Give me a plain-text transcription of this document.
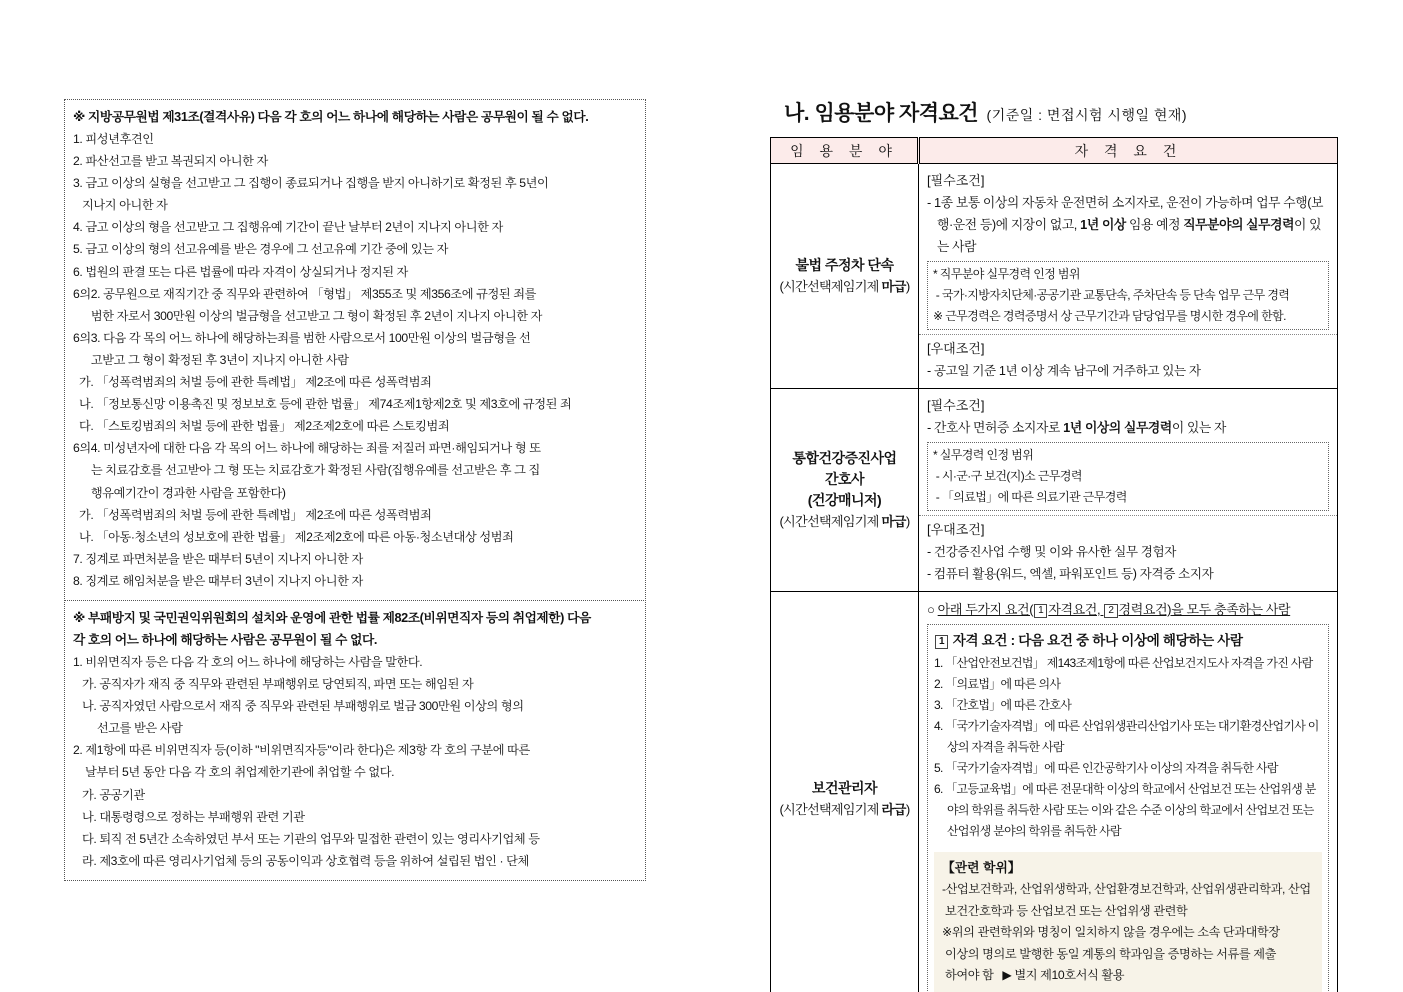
※ 지방공무원법 제31조(결격사유) 다음 각 호의 어느 하나에 해당하는 사람은 공무원이 될 수 없다.
1. 피성년후견인
2. 파산선고를 받고 복권되지 아니한 자
3. 금고 이상의 실형을 선고받고 그 집행이 종료되거나 집행을 받지 아니하기로 확정된 후 5년이
지나지 아니한 자
4. 금고 이상의 형을 선고받고 그 집행유예 기간이 끝난 날부터 2년이 지나지 아니한 자
5. 금고 이상의 형의 선고유예를 받은 경우에 그 선고유예 기간 중에 있는 자
6. 법원의 판결 또는 다른 법률에 따라 자격이 상실되거나 정지된 자
6의2. 공무원으로 재직기간 중 직무와 관련하여 「형법」 제355조 및 제356조에 규정된 죄를
범한 자로서 300만원 이상의 벌금형을 선고받고 그 형이 확정된 후 2년이 지나지 아니한 자
6의3. 다음 각 목의 어느 하나에 해당하는죄를 범한 사람으로서 100만원 이상의 벌금형을 선
고받고 그 형이 확정된 후 3년이 지나지 아니한 사람
가. 「성폭력범죄의 처벌 등에 관한 특례법」 제2조에 따른 성폭력범죄
나. 「정보통신망 이용촉진 및 정보보호 등에 관한 법률」 제74조제1항제2호 및 제3호에 규정된 죄
다. 「스토킹범죄의 처벌 등에 관한 법률」 제2조제2호에 따른 스토킹범죄
6의4. 미성년자에 대한 다음 각 목의 어느 하나에 해당하는 죄를 저질러 파면·해임되거나 형 또
는 치료감호를 선고받아 그 형 또는 치료감호가 확정된 사람(집행유예를 선고받은 후 그 집
행유예기간이 경과한 사람을 포함한다)
가. 「성폭력범죄의 처벌 등에 관한 특례법」 제2조에 따른 성폭력범죄
나. 「아동·청소년의 성보호에 관한 법률」 제2조제2호에 따른 아동·청소년대상 성범죄
7. 징계로 파면처분을 받은 때부터 5년이 지나지 아니한 자
8. 징계로 해임처분을 받은 때부터 3년이 지나지 아니한 자
※ 부패방지 및 국민권익위원회의 설치와 운영에 관한 법률 제82조(비위면직자 등의 취업제한) 다음
각 호의 어느 하나에 해당하는 사람은 공무원이 될 수 없다.
1. 비위면직자 등은 다음 각 호의 어느 하나에 해당하는 사람을 말한다.
가. 공직자가 재직 중 직무와 관련된 부패행위로 당연퇴직, 파면 또는 해임된 자
나. 공직자였던 사람으로서 재직 중 직무와 관련된 부패행위로 벌금 300만원 이상의 형의
선고를 받은 사람
2. 제1항에 따른 비위면직자 등(이하 "비위면직자등"이라 한다)은 제3항 각 호의 구분에 따른
날부터 5년 동안 다음 각 호의 취업제한기관에 취업할 수 없다.
가. 공공기관
나. 대통령령으로 정하는 부패행위 관련 기관
다. 퇴직 전 5년간 소속하였던 부서 또는 기관의 업무와 밀접한 관련이 있는 영리사기업체 등
라. 제3호에 따른 영리사기업체 등의 공동이익과 상호협력 등을 위하여 설립된 법인 · 단체
나. 임용분야 자격요건 (기준일 : 면접시험 시행일 현재)
임 용 분 야	자 격 요 건

불법 주정차 단속
(시간선택제임기제 마급)

[필수조건]

- 1종 보통 이상의 자동차 운전면허 소지자로, 운전이 가능하며 업무 수행(보행·운전 등)에 지장이 없고, 1년 이상 임용 예정 직무분야의 실무경력이 있는 사람

* 직무분야 실무경력 인정 범위
- 국가·지방자치단체·공공기관 교통단속, 주차단속 등 단속 업무 근무 경력
※ 근무경력은 경력증명서 상 근무기간과 담당업무를 명시한 경우에 한함.
[우대조건]
- 공고일 기준 1년 이상 계속 남구에 거주하고 있는 자

통합건강증진사업
간호사
(건강매니저)
(시간선택제임기제 마급)

[필수조건]

- 간호사 면허증 소지자로 1년 이상의 실무경력이 있는 자

* 실무경력 인정 범위
- 시·군·구 보건(지)소 근무경력
- 「의료법」에 따른 의료기관 근무경력
[우대조건]
- 건강증진사업 수행 및 이와 유사한 실무 경험자
- 컴퓨터 활용(워드, 엑셀, 파워포인트 등) 자격증 소지자

보건관리자
(시간선택제임기제 라급)

○ 아래 두가지 요건( 1 자격요건, 2 경력요건)을 모두 충족하는 사람
1 자격 요건 : 다음 요건 중 하나 이상에 해당하는 사람
1. 「산업안전보건법」 제143조제1항에 따른 산업보건지도사 자격을 가진 사람
2. 「의료법」에 따른 의사
3. 「간호법」에 따른 간호사
4. 「국가기술자격법」에 따른 산업위생관리산업기사 또는 대기환경산업기사 이상의 자격을 취득한 사람
5. 「국가기술자격법」에 따른 인간공학기사 이상의 자격을 취득한 사람
6. 「고등교육법」에 따른 전문대학 이상의 학교에서 산업보건 또는 산업위생 분야의 학위를 취득한 사람 또는 이와 같은 수준 이상의 학교에서 산업보건 또는 산업위생 분야의 학위를 취득한 사람
【관련 학위】
-산업보건학과, 산업위생학과, 산업환경보건학과, 산업위생관리학과, 산업
보건간호학과 등 산업보건 또는 산업위생 관련학
※위의 관련학위와 명칭이 일치하지 않을 경우에는 소속 단과대학장
이상의 명의로 발행한 동일 계통의 학과임을 증명하는 서류를 제출
하여야 함   ▶ 별지 제10호서식 활용
